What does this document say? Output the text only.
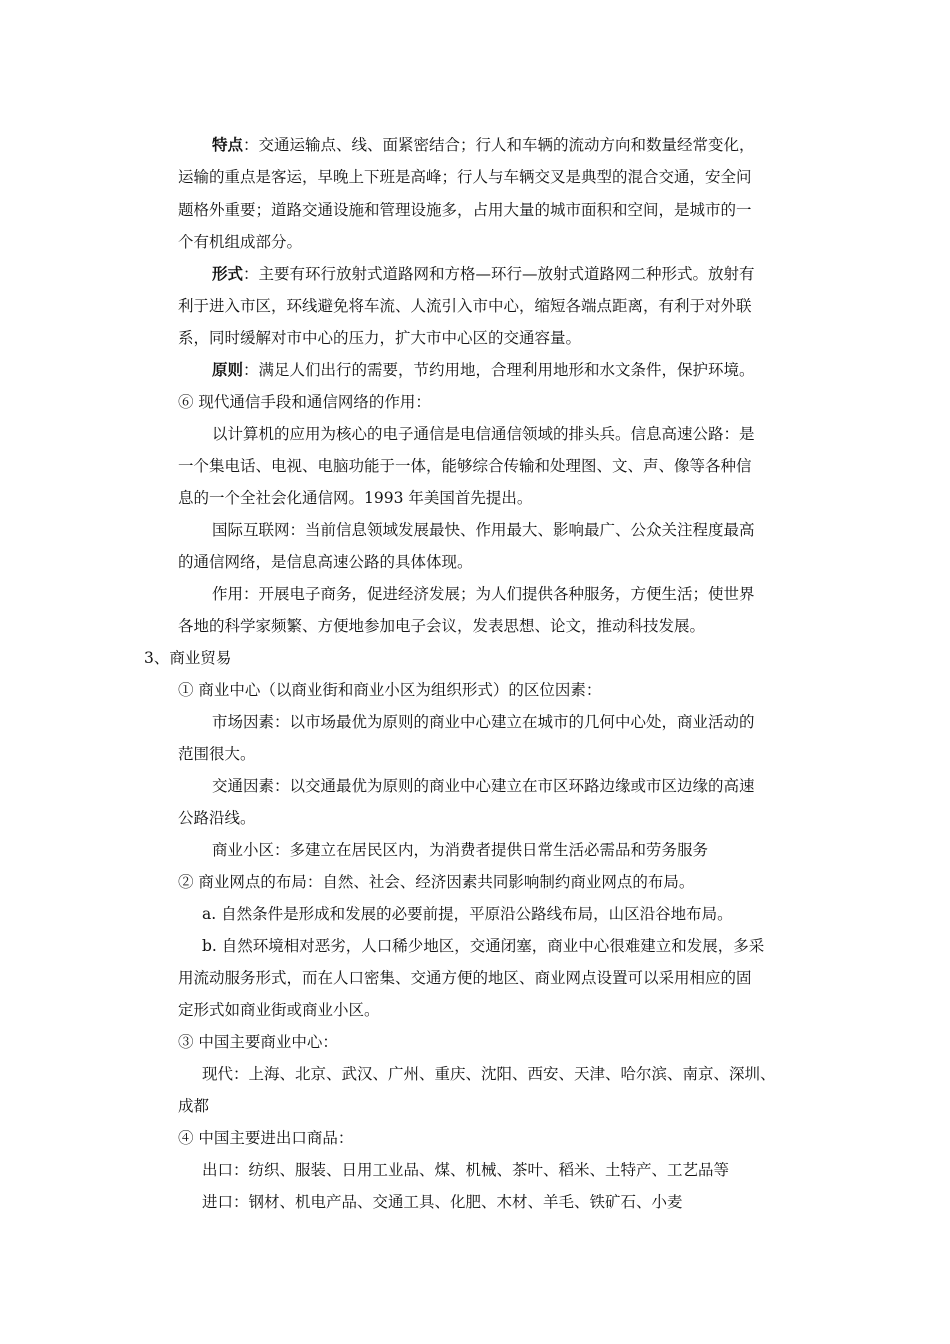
特点：交通运输点、线、面紧密结合；行人和车辆的流动方向和数量经常变化，
运输的重点是客运，早晚上下班是高峰；行人与车辆交叉是典型的混合交通，安全问
题格外重要；道路交通设施和管理设施多，占用大量的城市面积和空间，是城市的一
个有机组成部分。
形式：主要有环行放射式道路网和方格—环行—放射式道路网二种形式。放射有
利于进入市区，环线避免将车流、人流引入市中心，缩短各端点距离，有利于对外联
系，同时缓解对市中心的压力，扩大市中心区的交通容量。
原则：满足人们出行的需要，节约用地，合理利用地形和水文条件，保护环境。
⑥ 现代通信手段和通信网络的作用：
以计算机的应用为核心的电子通信是电信通信领域的排头兵。信息高速公路：是
一个集电话、电视、电脑功能于一体，能够综合传输和处理图、文、声、像等各种信
息的一个全社会化通信网。1993 年美国首先提出。
国际互联网：当前信息领域发展最快、作用最大、影响最广、公众关注程度最高
的通信网络，是信息高速公路的具体体现。
作用：开展电子商务，促进经济发展；为人们提供各种服务，方便生活；使世界
各地的科学家频繁、方便地参加电子会议，发表思想、论文，推动科技发展。
3、商业贸易
① 商业中心（以商业街和商业小区为组织形式）的区位因素：
市场因素：以市场最优为原则的商业中心建立在城市的几何中心处，商业活动的
范围很大。
交通因素：以交通最优为原则的商业中心建立在市区环路边缘或市区边缘的高速
公路沿线。
商业小区：多建立在居民区内，为消费者提供日常生活必需品和劳务服务
② 商业网点的布局：自然、社会、经济因素共同影响制约商业网点的布局。
a. 自然条件是形成和发展的必要前提，平原沿公路线布局，山区沿谷地布局。
b. 自然环境相对恶劣，人口稀少地区，交通闭塞，商业中心很难建立和发展，多采
用流动服务形式，而在人口密集、交通方便的地区、商业网点设置可以采用相应的固
定形式如商业街或商业小区。
③ 中国主要商业中心：
现代：上海、北京、武汉、广州、重庆、沈阳、西安、天津、哈尔滨、南京、深圳、
成都
④ 中国主要进出口商品：
出口：纺织、服装、日用工业品、煤、机械、茶叶、稻米、土特产、工艺品等
进口：钢材、机电产品、交通工具、化肥、木材、羊毛、铁矿石、小麦
